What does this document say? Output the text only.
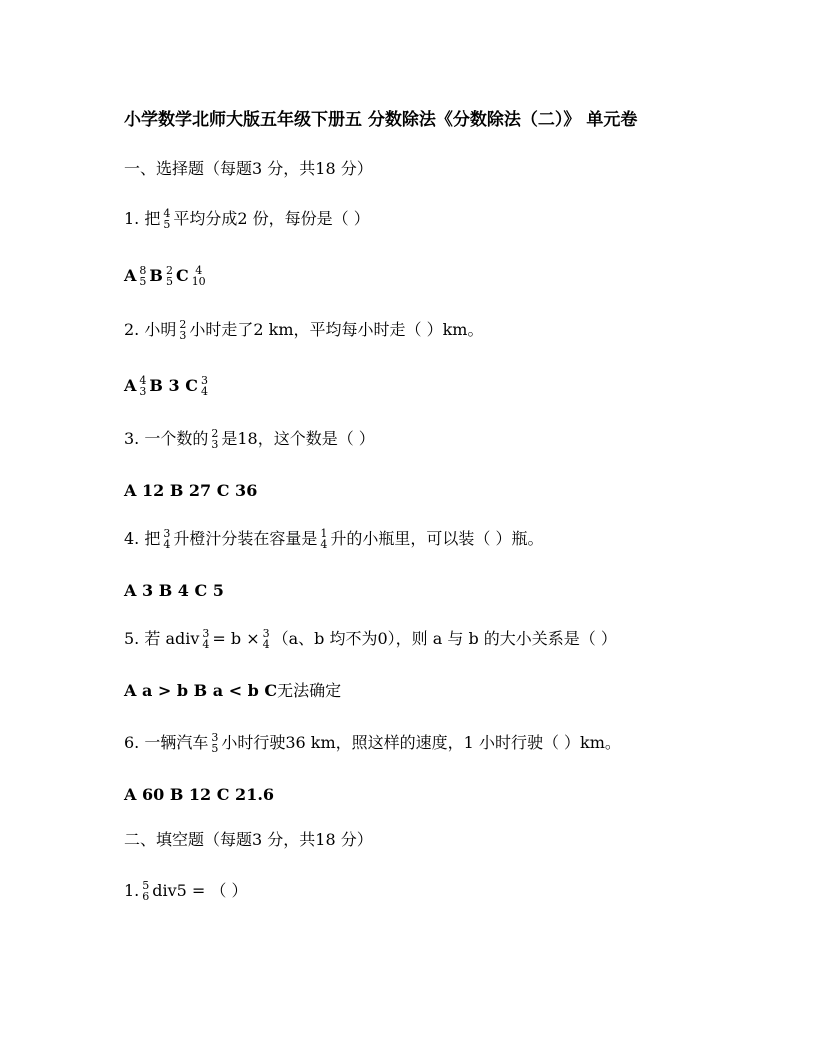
小学数学北师大版五年级下册五 分数除法《分数除法（二）》 单元卷
一、选择题（每题3 分，共18 分）
1. 把 4
5 平均分成2 份，每份是（ ）
A 8
5 B 2
5 C 4
10
2. 小明 2
3 小时走了2 km，平均每小时走（ ）km。
A 4
3 B 3 C 3
4
3. 一个数的 2
3 是18，这个数是（ ）
A 12 B 27 C 36
4. 把 3
4 升橙汁分装在容量是 1
4 升的小瓶里，可以装（ ）瓶。
A 3 B 4 C 5
5. 若 adiv 3
4 = b × 3
4 （a、b 均不为0），则 a 与 b 的大小关系是（ ）
A a > b B a < b C 无法确定
6. 一辆汽车 3
5 小时行驶36 km，照这样的速度，1 小时行驶（ ）km。
A 60 B 12 C 21.6
二、填空题（每题3 分，共18 分）
1. 5
6 div5 = （ ）
